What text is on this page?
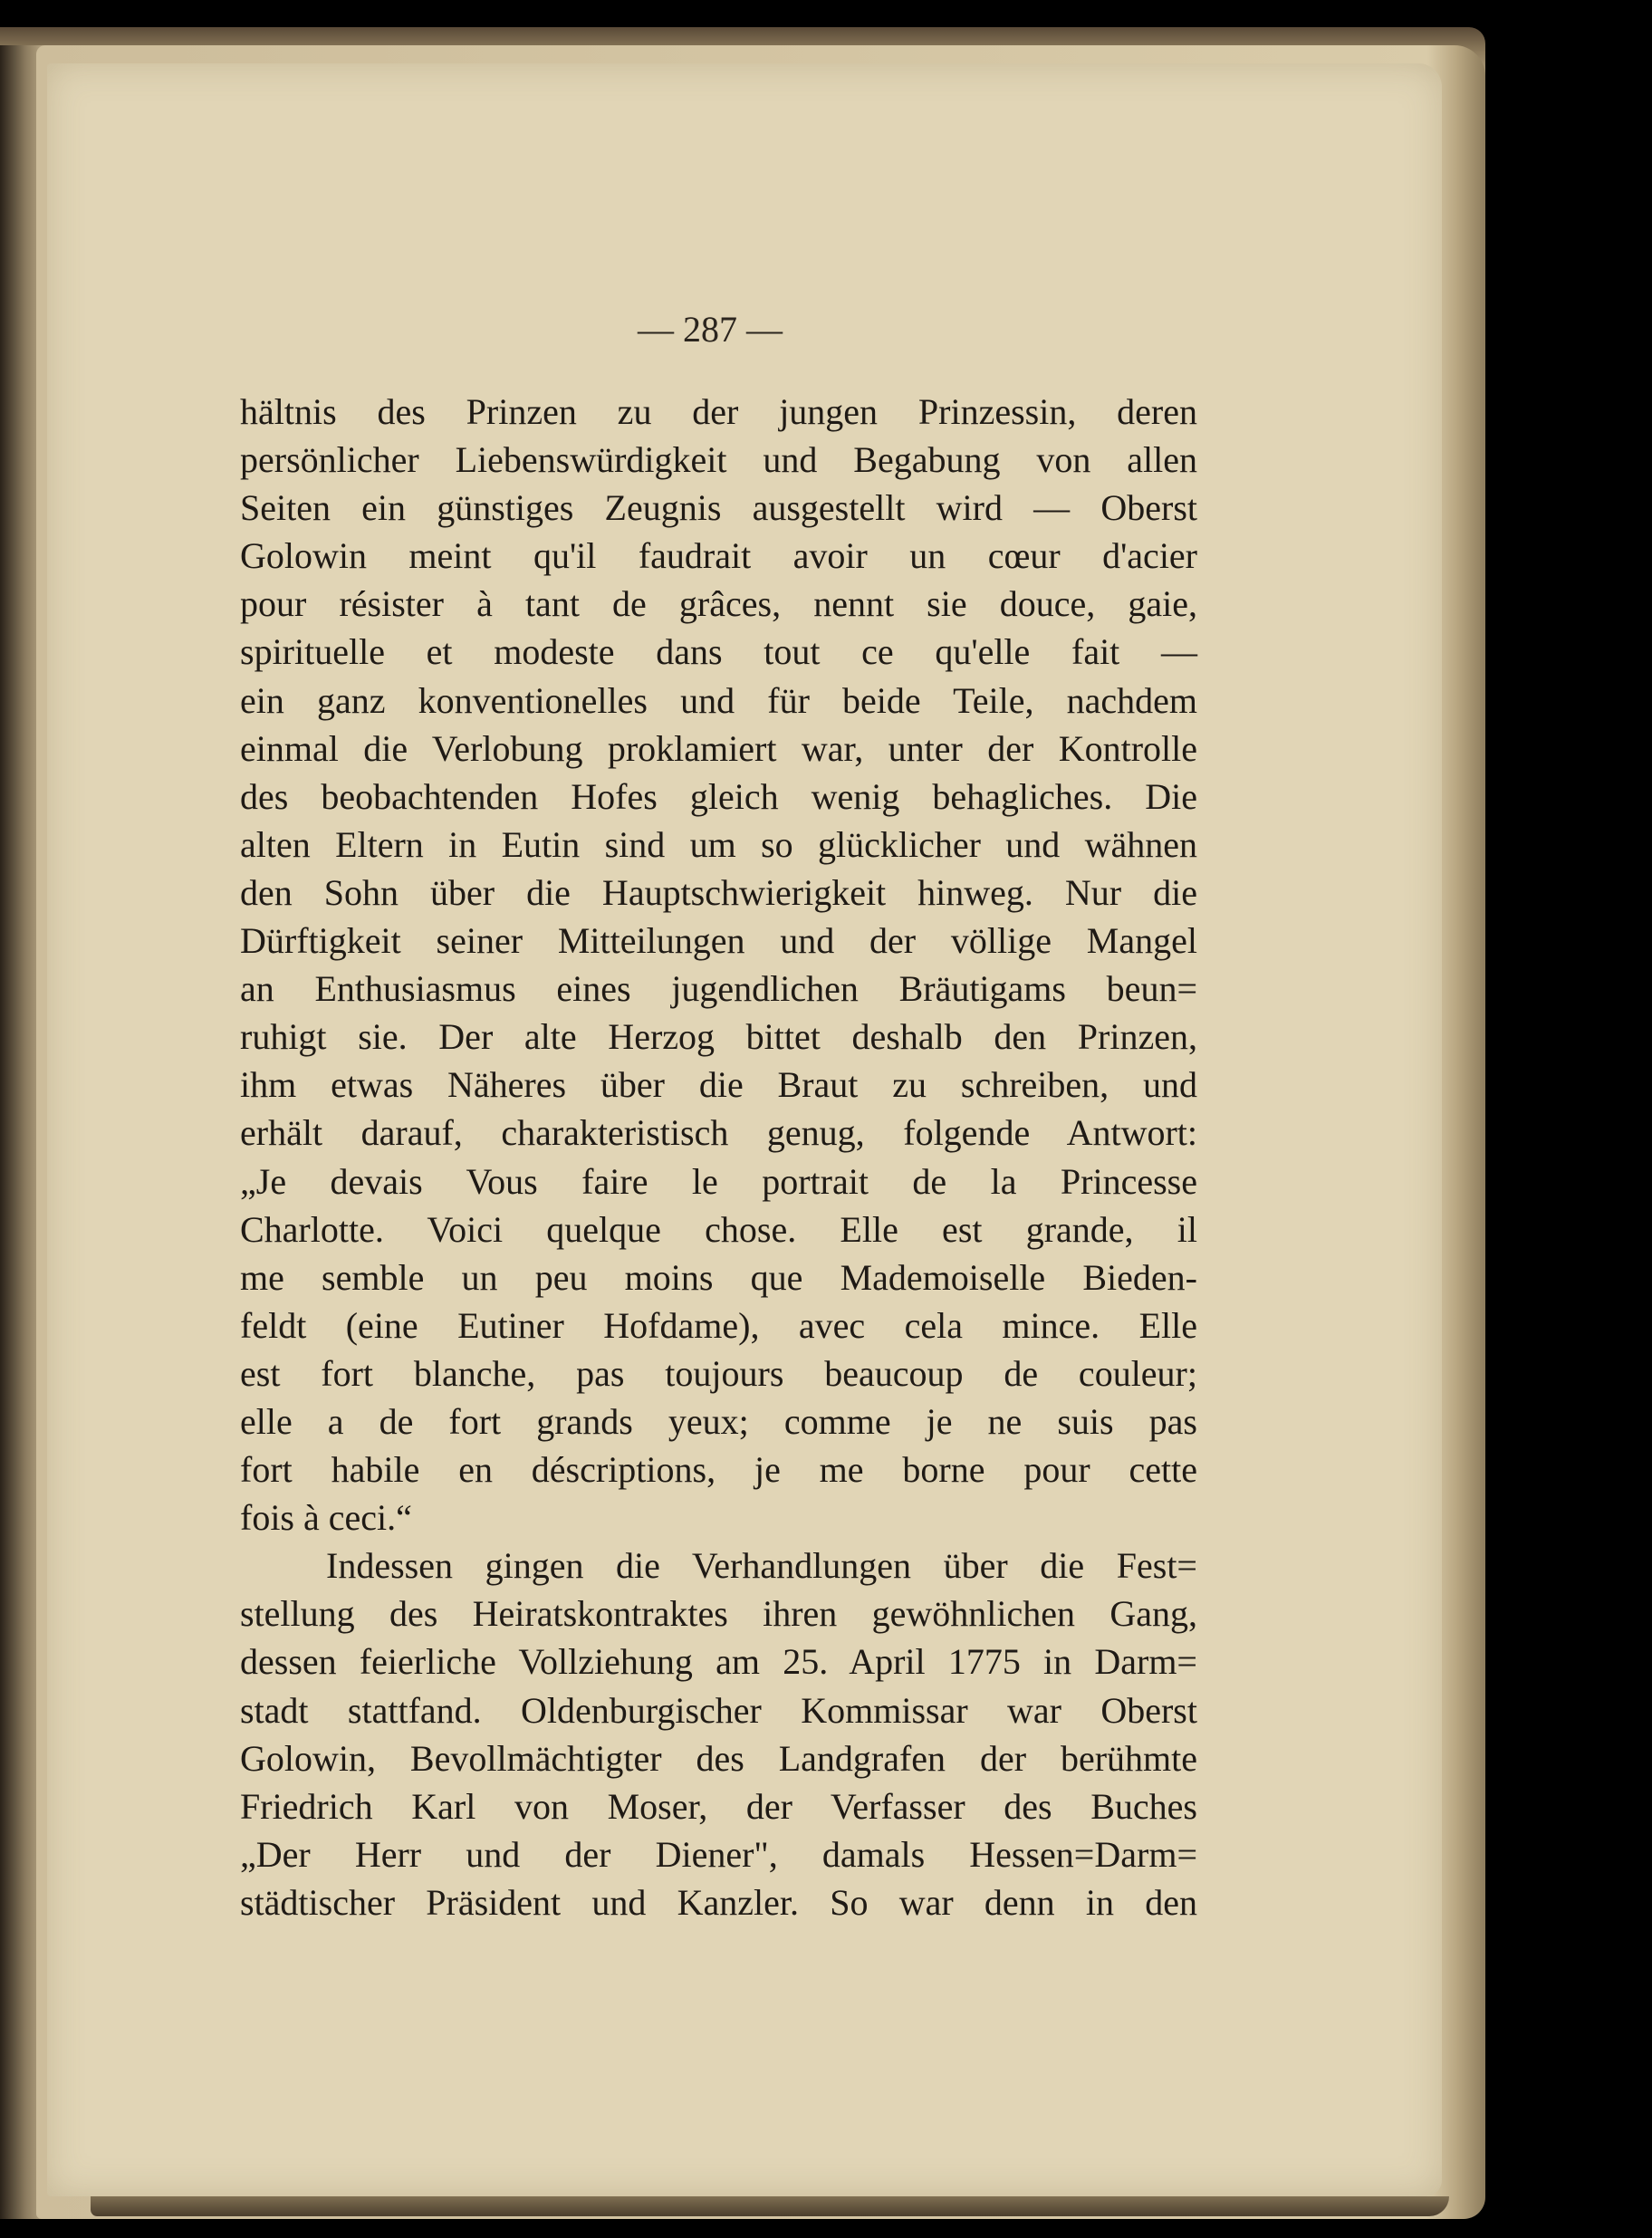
— 287 —
hältnis des Prinzen zu der jungen Prinzessin, deren
persönlicher Liebenswürdigkeit und Begabung von allen
Seiten ein günstiges Zeugnis ausgestellt wird — Oberst
Golowin meint qu'il faudrait avoir un cœur d'acier
pour résister à tant de grâces, nennt sie douce, gaie,
spirituelle et modeste dans tout ce qu'elle fait —
ein ganz konventionelles und für beide Teile, nachdem
einmal die Verlobung proklamiert war, unter der Kontrolle
des beobachtenden Hofes gleich wenig behagliches. Die
alten Eltern in Eutin sind um so glücklicher und wähnen
den Sohn über die Hauptschwierigkeit hinweg. Nur die
Dürftigkeit seiner Mitteilungen und der völlige Mangel
an Enthusiasmus eines jugendlichen Bräutigams beun=
ruhigt sie. Der alte Herzog bittet deshalb den Prinzen,
ihm etwas Näheres über die Braut zu schreiben, und
erhält darauf, charakteristisch genug, folgende Antwort:
„Je devais Vous faire le portrait de la Princesse
Charlotte. Voici quelque chose. Elle est grande, il
me semble un peu moins que Mademoiselle Bieden-
feldt (eine Eutiner Hofdame), avec cela mince. Elle
est fort blanche, pas toujours beaucoup de couleur;
elle a de fort grands yeux; comme je ne suis pas
fort habile en déscriptions, je me borne pour cette
fois à ceci.“
Indessen gingen die Verhandlungen über die Fest=
stellung des Heiratskontraktes ihren gewöhnlichen Gang,
dessen feierliche Vollziehung am 25. April 1775 in Darm=
stadt stattfand. Oldenburgischer Kommissar war Oberst
Golowin, Bevollmächtigter des Landgrafen der berühmte
Friedrich Karl von Moser, der Verfasser des Buches
„Der Herr und der Diener", damals Hessen=Darm=
städtischer Präsident und Kanzler. So war denn in den
